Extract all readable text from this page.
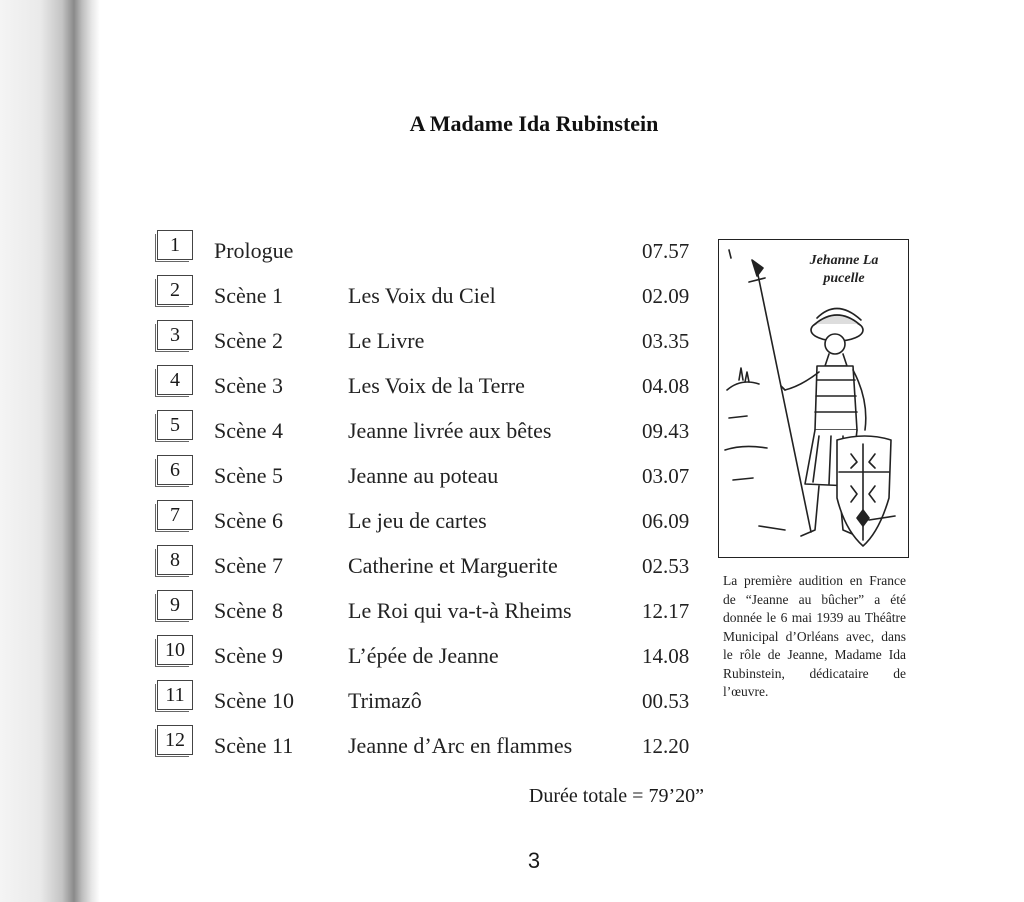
A Madame Ida Rubinstein
1	Prologue	07.57
2	Scène 1	Les Voix du Ciel	02.09
3	Scène 2	Le Livre	03.35
4	Scène 3	Les Voix de la Terre	04.08
5	Scène 4	Jeanne livrée aux bêtes	09.43
6	Scène 5	Jeanne au poteau	03.07
7	Scène 6	Le jeu de cartes	06.09
8	Scène 7	Catherine et Marguerite	02.53
9	Scène 8	Le Roi qui va-t-à Rheims	12.17
10	Scène 9	L’épée de Jeanne	14.08
11	Scène 10 Trimazô	00.53
12	Scène 11 Jeanne d’Arc en flammes	12.20
Durée totale = 79’20”
Jehanne La pucelle
La première audition en France de “Jeanne au bûcher” a été donnée le 6 mai 1939 au Théâtre Municipal d’Orléans avec, dans le rôle de Jeanne, Madame Ida Rubinstein, dédicataire de l’œuvre.
3
